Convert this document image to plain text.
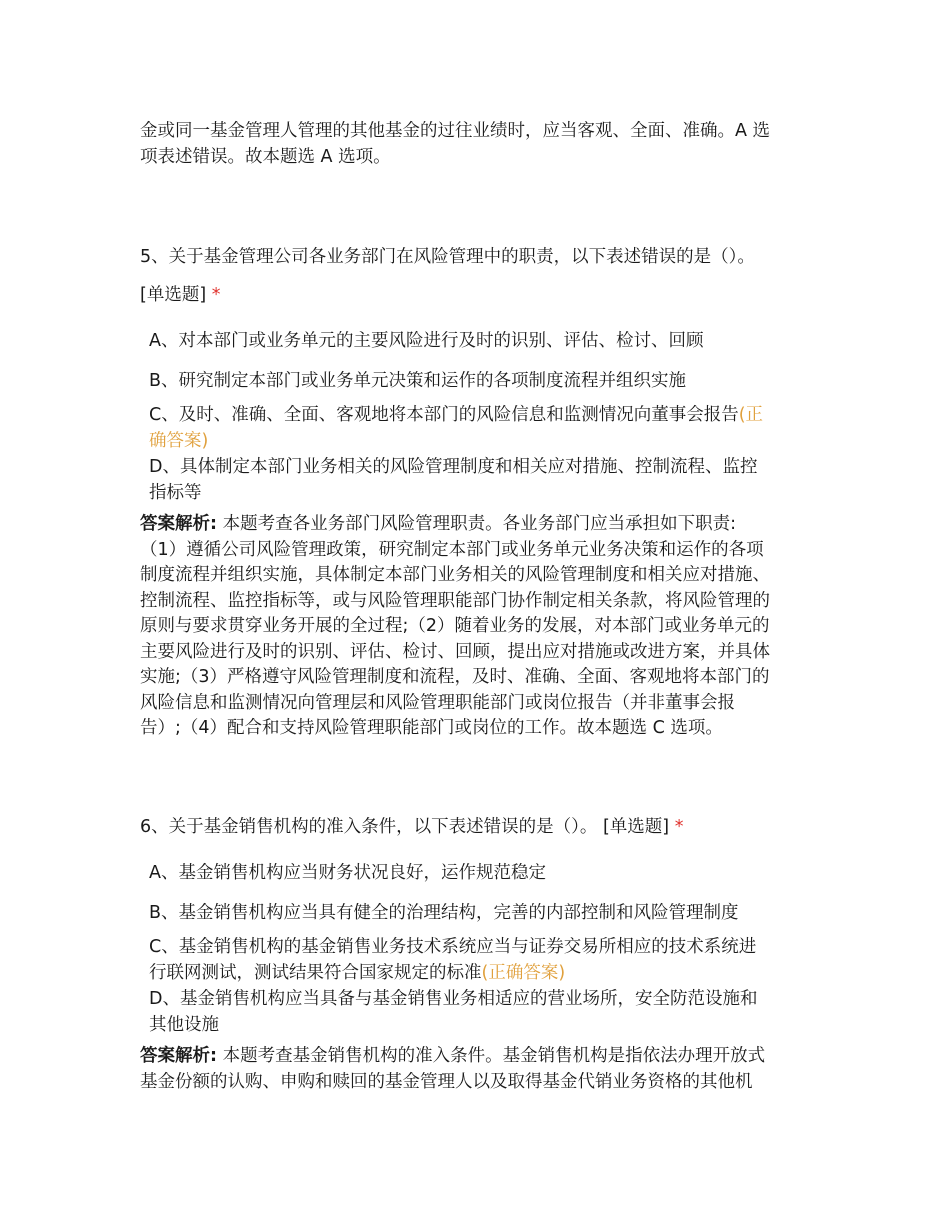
金或同一基金管理人管理的其他基金的过往业绩时，应当客观、全面、准确。A 选
项表述错误。故本题选 A 选项。
5、关于基金管理公司各业务部门在风险管理中的职责，以下表述错误的是（）。
[单选题] *
A、对本部门或业务单元的主要风险进行及时的识别、评估、检讨、回顾
B、研究制定本部门或业务单元决策和运作的各项制度流程并组织实施
C、及时、准确、全面、客观地将本部门的风险信息和监测情况向董事会报告(正
确答案)
D、具体制定本部门业务相关的风险管理制度和相关应对措施、控制流程、监控
指标等
答案解析: 本题考查各业务部门风险管理职责。各业务部门应当承担如下职责:
（1）遵循公司风险管理政策，研究制定本部门或业务单元业务决策和运作的各项
制度流程并组织实施，具体制定本部门业务相关的风险管理制度和相关应对措施、
控制流程、监控指标等，或与风险管理职能部门协作制定相关条款，将风险管理的
原则与要求贯穿业务开展的全过程;（2）随着业务的发展，对本部门或业务单元的
主要风险进行及时的识别、评估、检讨、回顾，提出应对措施或改进方案，并具体
实施;（3）严格遵守风险管理制度和流程，及时、准确、全面、客观地将本部门的
风险信息和监测情况向管理层和风险管理职能部门或岗位报告（并非董事会报
告）;（4）配合和支持风险管理职能部门或岗位的工作。故本题选 C 选项。
6、关于基金销售机构的准入条件，以下表述错误的是（）。 [单选题] *
A、基金销售机构应当财务状况良好，运作规范稳定
B、基金销售机构应当具有健全的治理结构，完善的内部控制和风险管理制度
C、基金销售机构的基金销售业务技术系统应当与证券交易所相应的技术系统进
行联网测试，测试结果符合国家规定的标准(正确答案)
D、基金销售机构应当具备与基金销售业务相适应的营业场所，安全防范设施和
其他设施
答案解析: 本题考查基金销售机构的准入条件。基金销售机构是指依法办理开放式
基金份额的认购、申购和赎回的基金管理人以及取得基金代销业务资格的其他机
